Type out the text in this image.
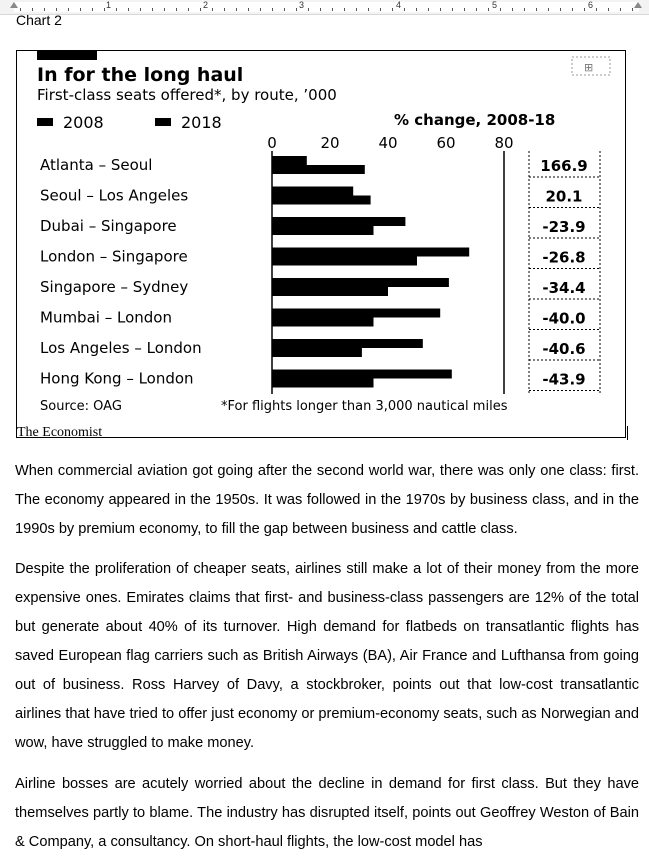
1	2	3	4	5	6
Chart 2
⊞
In for the long haul
First-class seats offered*, by route, ’000
2008	2018	% change, 2008-18
0	20	40	60	80
Atlanta – Seoul	166.9
Seoul – Los Angeles	20.1
Dubai – Singapore	-23.9
London – Singapore	-26.8
Singapore – Sydney	-34.4
Mumbai – London	-40.0
Los Angeles – London	-40.6
Hong Kong – London	-43.9
Source: OAG	*For flights longer than 3,000 nautical miles
The Economist

When commercial aviation got going after the second world war, there was only one class: first. The economy appeared in the 1950s. It was followed in the 1970s by business class, and in the 1990s by premium economy, to fill the gap between business and cattle class.

Despite the proliferation of cheaper seats, airlines still make a lot of their money from the more expensive ones. Emirates claims that first- and business-class passengers are 12% of the total but generate about 40% of its turnover. High demand for flatbeds on transatlantic flights has saved European flag carriers such as British Airways (BA), Air France and Lufthansa from going out of business. Ross Harvey of Davy, a stockbroker, points out that low-cost transatlantic airlines that have tried to offer just economy or premium-economy seats, such as Norwegian and wow, have struggled to make money.

Airline bosses are acutely worried about the decline in demand for first class. But they have themselves partly to blame. The industry has disrupted itself, points out Geoffrey Weston of Bain & Company, a consultancy. On short-haul flights, the low-cost model has
